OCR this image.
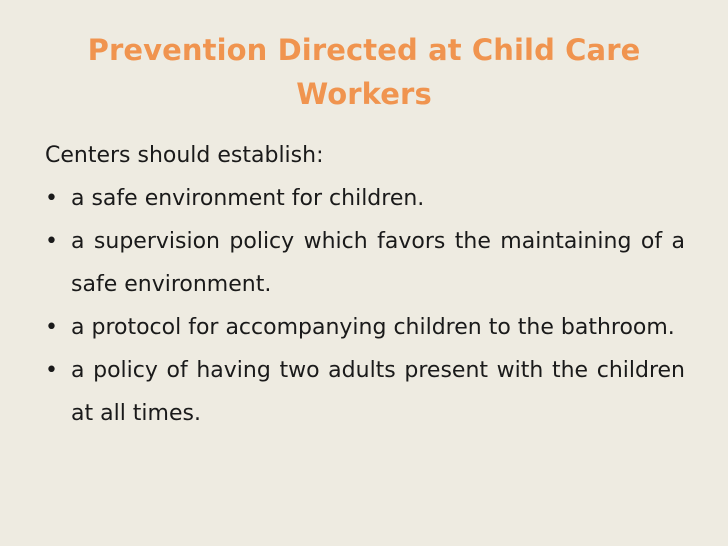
Prevention Directed at Child Care Workers

Centers should establish:

• a safe environment for children.
• a supervision policy which favors the maintaining of a safe environment.
• a protocol for accompanying children to the bathroom.
• a policy of having two adults present with the children at all times.
